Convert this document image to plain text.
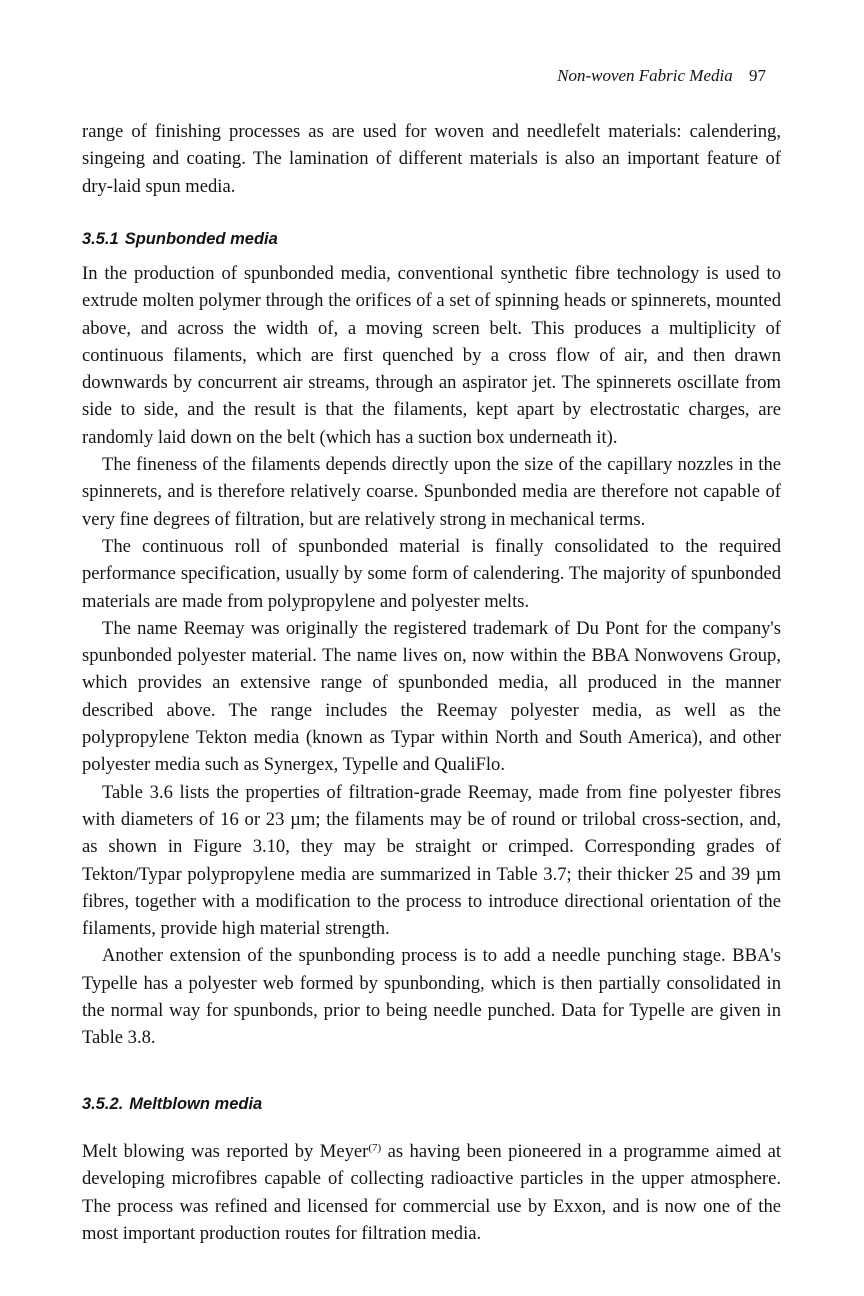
Non-woven Fabric Media 97

range of finishing processes as are used for woven and needlefelt materials: calendering, singeing and coating. The lamination of different materials is also an important feature of dry-laid spun media.

3.5.1 Spunbonded media

In the production of spunbonded media, conventional synthetic fibre technology is used to extrude molten polymer through the orifices of a set of spinning heads or spinnerets, mounted above, and across the width of, a moving screen belt. This produces a multiplicity of continuous filaments, which are first quenched by a cross flow of air, and then drawn downwards by concurrent air streams, through an aspirator jet. The spinnerets oscillate from side to side, and the result is that the filaments, kept apart by electrostatic charges, are randomly laid down on the belt (which has a suction box underneath it).

The fineness of the filaments depends directly upon the size of the capillary nozzles in the spinnerets, and is therefore relatively coarse. Spunbonded media are therefore not capable of very fine degrees of filtration, but are relatively strong in mechanical terms.

The continuous roll of spunbonded material is finally consolidated to the required performance specification, usually by some form of calendering. The majority of spunbonded materials are made from polypropylene and polyester melts.

The name Reemay was originally the registered trademark of Du Pont for the company's spunbonded polyester material. The name lives on, now within the BBA Nonwovens Group, which provides an extensive range of spunbonded media, all produced in the manner described above. The range includes the Reemay polyester media, as well as the polypropylene Tekton media (known as Typar within North and South America), and other polyester media such as Synergex, Typelle and QualiFlo.

Table 3.6 lists the properties of filtration-grade Reemay, made from fine polyester fibres with diameters of 16 or 23 µm; the filaments may be of round or trilobal cross-section, and, as shown in Figure 3.10, they may be straight or crimped. Corresponding grades of Tekton/Typar polypropylene media are summarized in Table 3.7; their thicker 25 and 39 µm fibres, together with a modification to the process to introduce directional orientation of the filaments, provide high material strength.

Another extension of the spunbonding process is to add a needle punching stage. BBA's Typelle has a polyester web formed by spunbonding, which is then partially consolidated in the normal way for spunbonds, prior to being needle punched. Data for Typelle are given in Table 3.8.

3.5.2. Meltblown media

Melt blowing was reported by Meyer$^{(7)}$ as having been pioneered in a programme aimed at developing microfibres capable of collecting radioactive particles in the upper atmosphere. The process was refined and licensed for commercial use by Exxon, and is now one of the most important production routes for filtration media.
